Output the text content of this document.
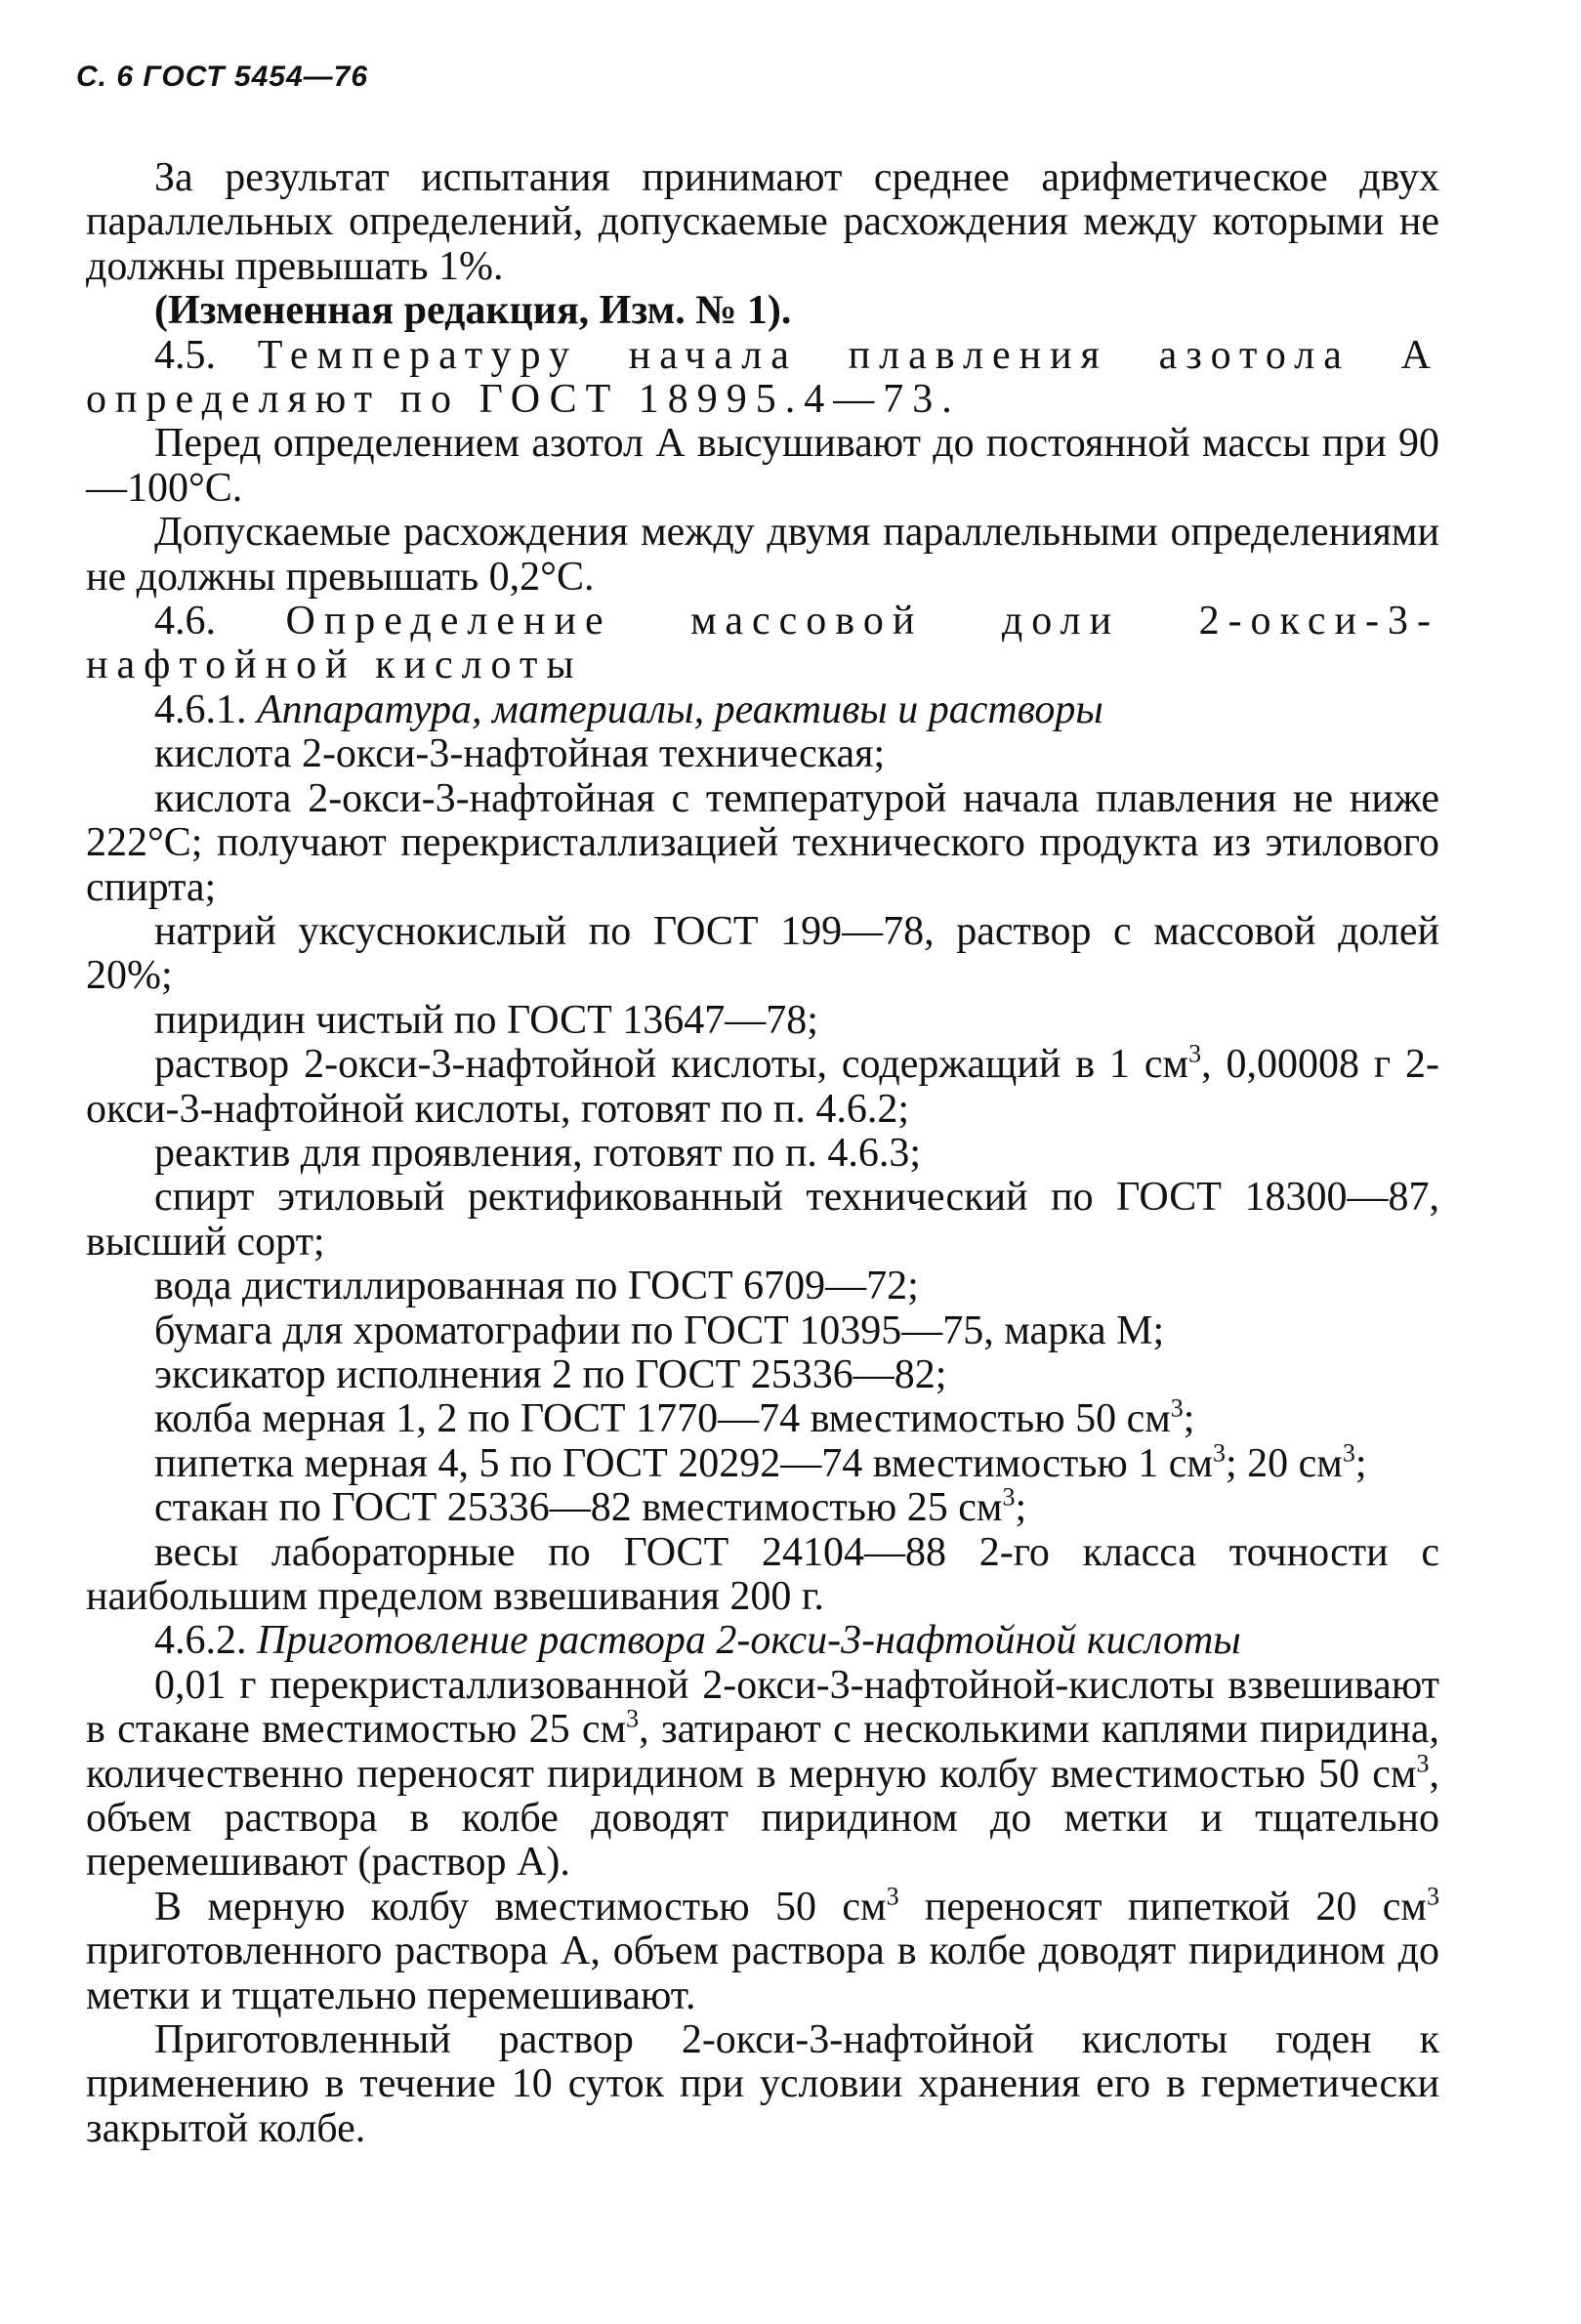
С. 6 ГОСТ 5454—76

За результат испытания принимают среднее арифметическое двух параллельных определений, допускаемые расхождения между которыми не должны превышать 1%.

(Измененная редакция, Изм. № 1).

4.5. Температуру начала плавления азотола А определяют по ГОСТ 18995.4—73.

Перед определением азотол А высушивают до постоянной массы при 90—100°С.

Допускаемые расхождения между двумя параллельными определениями не должны превышать 0,2°С.

4.6. Определение массовой доли 2-окси-3-нафтойной кислоты

4.6.1. Аппаратура, материалы, реактивы и растворы

кислота 2-окси-3-нафтойная техническая;

кислота 2-окси-3-нафтойная с температурой начала плавления не ниже 222°С; получают перекристаллизацией технического продукта из этилового спирта;

натрий уксуснокислый по ГОСТ 199—78, раствор с массовой долей 20%;

пиридин чистый по ГОСТ 13647—78;

раствор 2-окси-3-нафтойной кислоты, содержащий в 1 $см^3$, 0,00008 г 2-окси-3-нафтойной кислоты, готовят по п. 4.6.2;

реактив для проявления, готовят по п. 4.6.3;

спирт этиловый ректификованный технический по ГОСТ 18300—87, высший сорт;

вода дистиллированная по ГОСТ 6709—72;

бумага для хроматографии по ГОСТ 10395—75, марка М;

эксикатор исполнения 2 по ГОСТ 25336—82;

колба мерная 1, 2 по ГОСТ 1770—74 вместимостью 50 $см^3$;

пипетка мерная 4, 5 по ГОСТ 20292—74 вместимостью 1 $см^3$; 20 $см^3$;

стакан по ГОСТ 25336—82 вместимостью 25 $см^3$;

весы лабораторные по ГОСТ 24104—88 2-го класса точности с наибольшим пределом взвешивания 200 г.

4.6.2. Приготовление раствора 2-окси-3-нафтойной кислоты

0,01 г перекристаллизованной 2-окси-3-нафтойной-кислоты взвешивают в стакане вместимостью 25 $см^3$, затирают с несколькими каплями пиридина, количественно переносят пиридином в мерную колбу вместимостью 50 $см^3$, объем раствора в колбе доводят пиридином до метки и тщательно перемешивают (раствор А).

В мерную колбу вместимостью 50 $см^3$ переносят пипеткой 20 $см^3$ приготовленного раствора А, объем раствора в колбе доводят пиридином до метки и тщательно перемешивают.

Приготовленный раствор 2-окси-3-нафтойной кислоты годен к применению в течение 10 суток при условии хранения его в герметически закрытой колбе.
